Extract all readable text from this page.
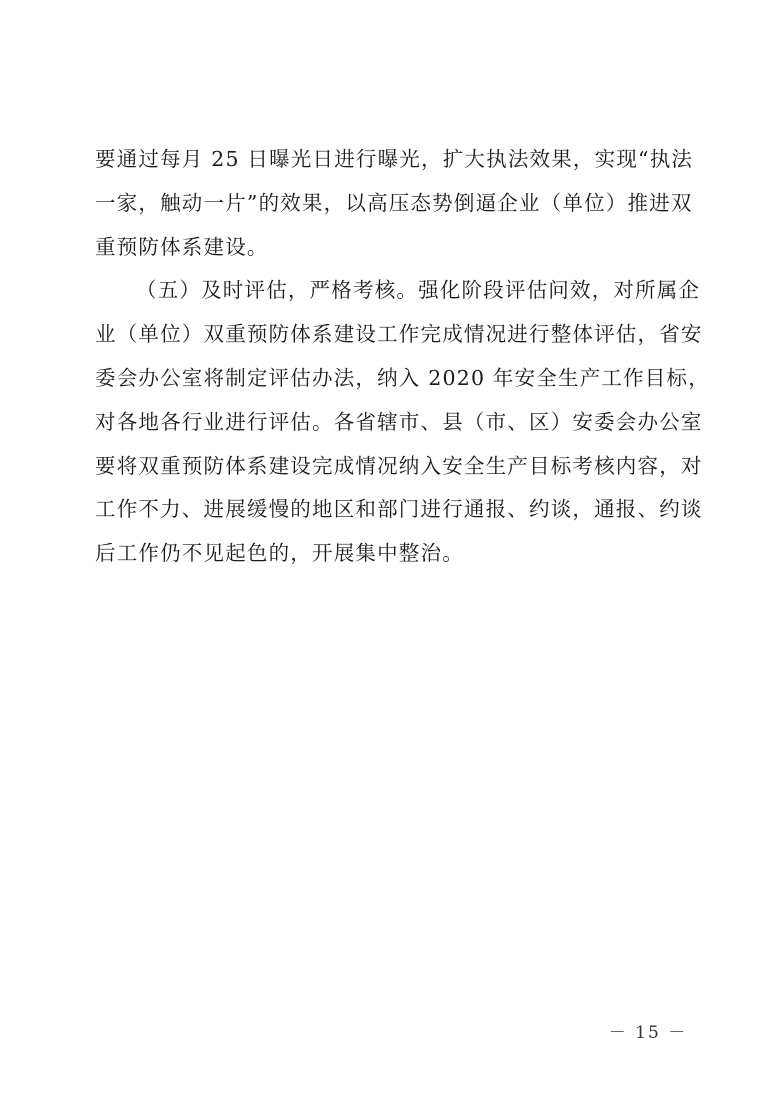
要通过每月 25 日曝光日进行曝光，扩大执法效果，实现“执法
一家，触动一片”的效果，以高压态势倒逼企业（单位）推进双
重预防体系建设。
（五）及时评估，严格考核。强化阶段评估问效，对所属企
业（单位）双重预防体系建设工作完成情况进行整体评估，省安
委会办公室将制定评估办法，纳入 2020 年安全生产工作目标，
对各地各行业进行评估。各省辖市、县（市、区）安委会办公室
要将双重预防体系建设完成情况纳入安全生产目标考核内容，对
工作不力、进展缓慢的地区和部门进行通报、约谈，通报、约谈
后工作仍不见起色的，开展集中整治。
－ 15 －
